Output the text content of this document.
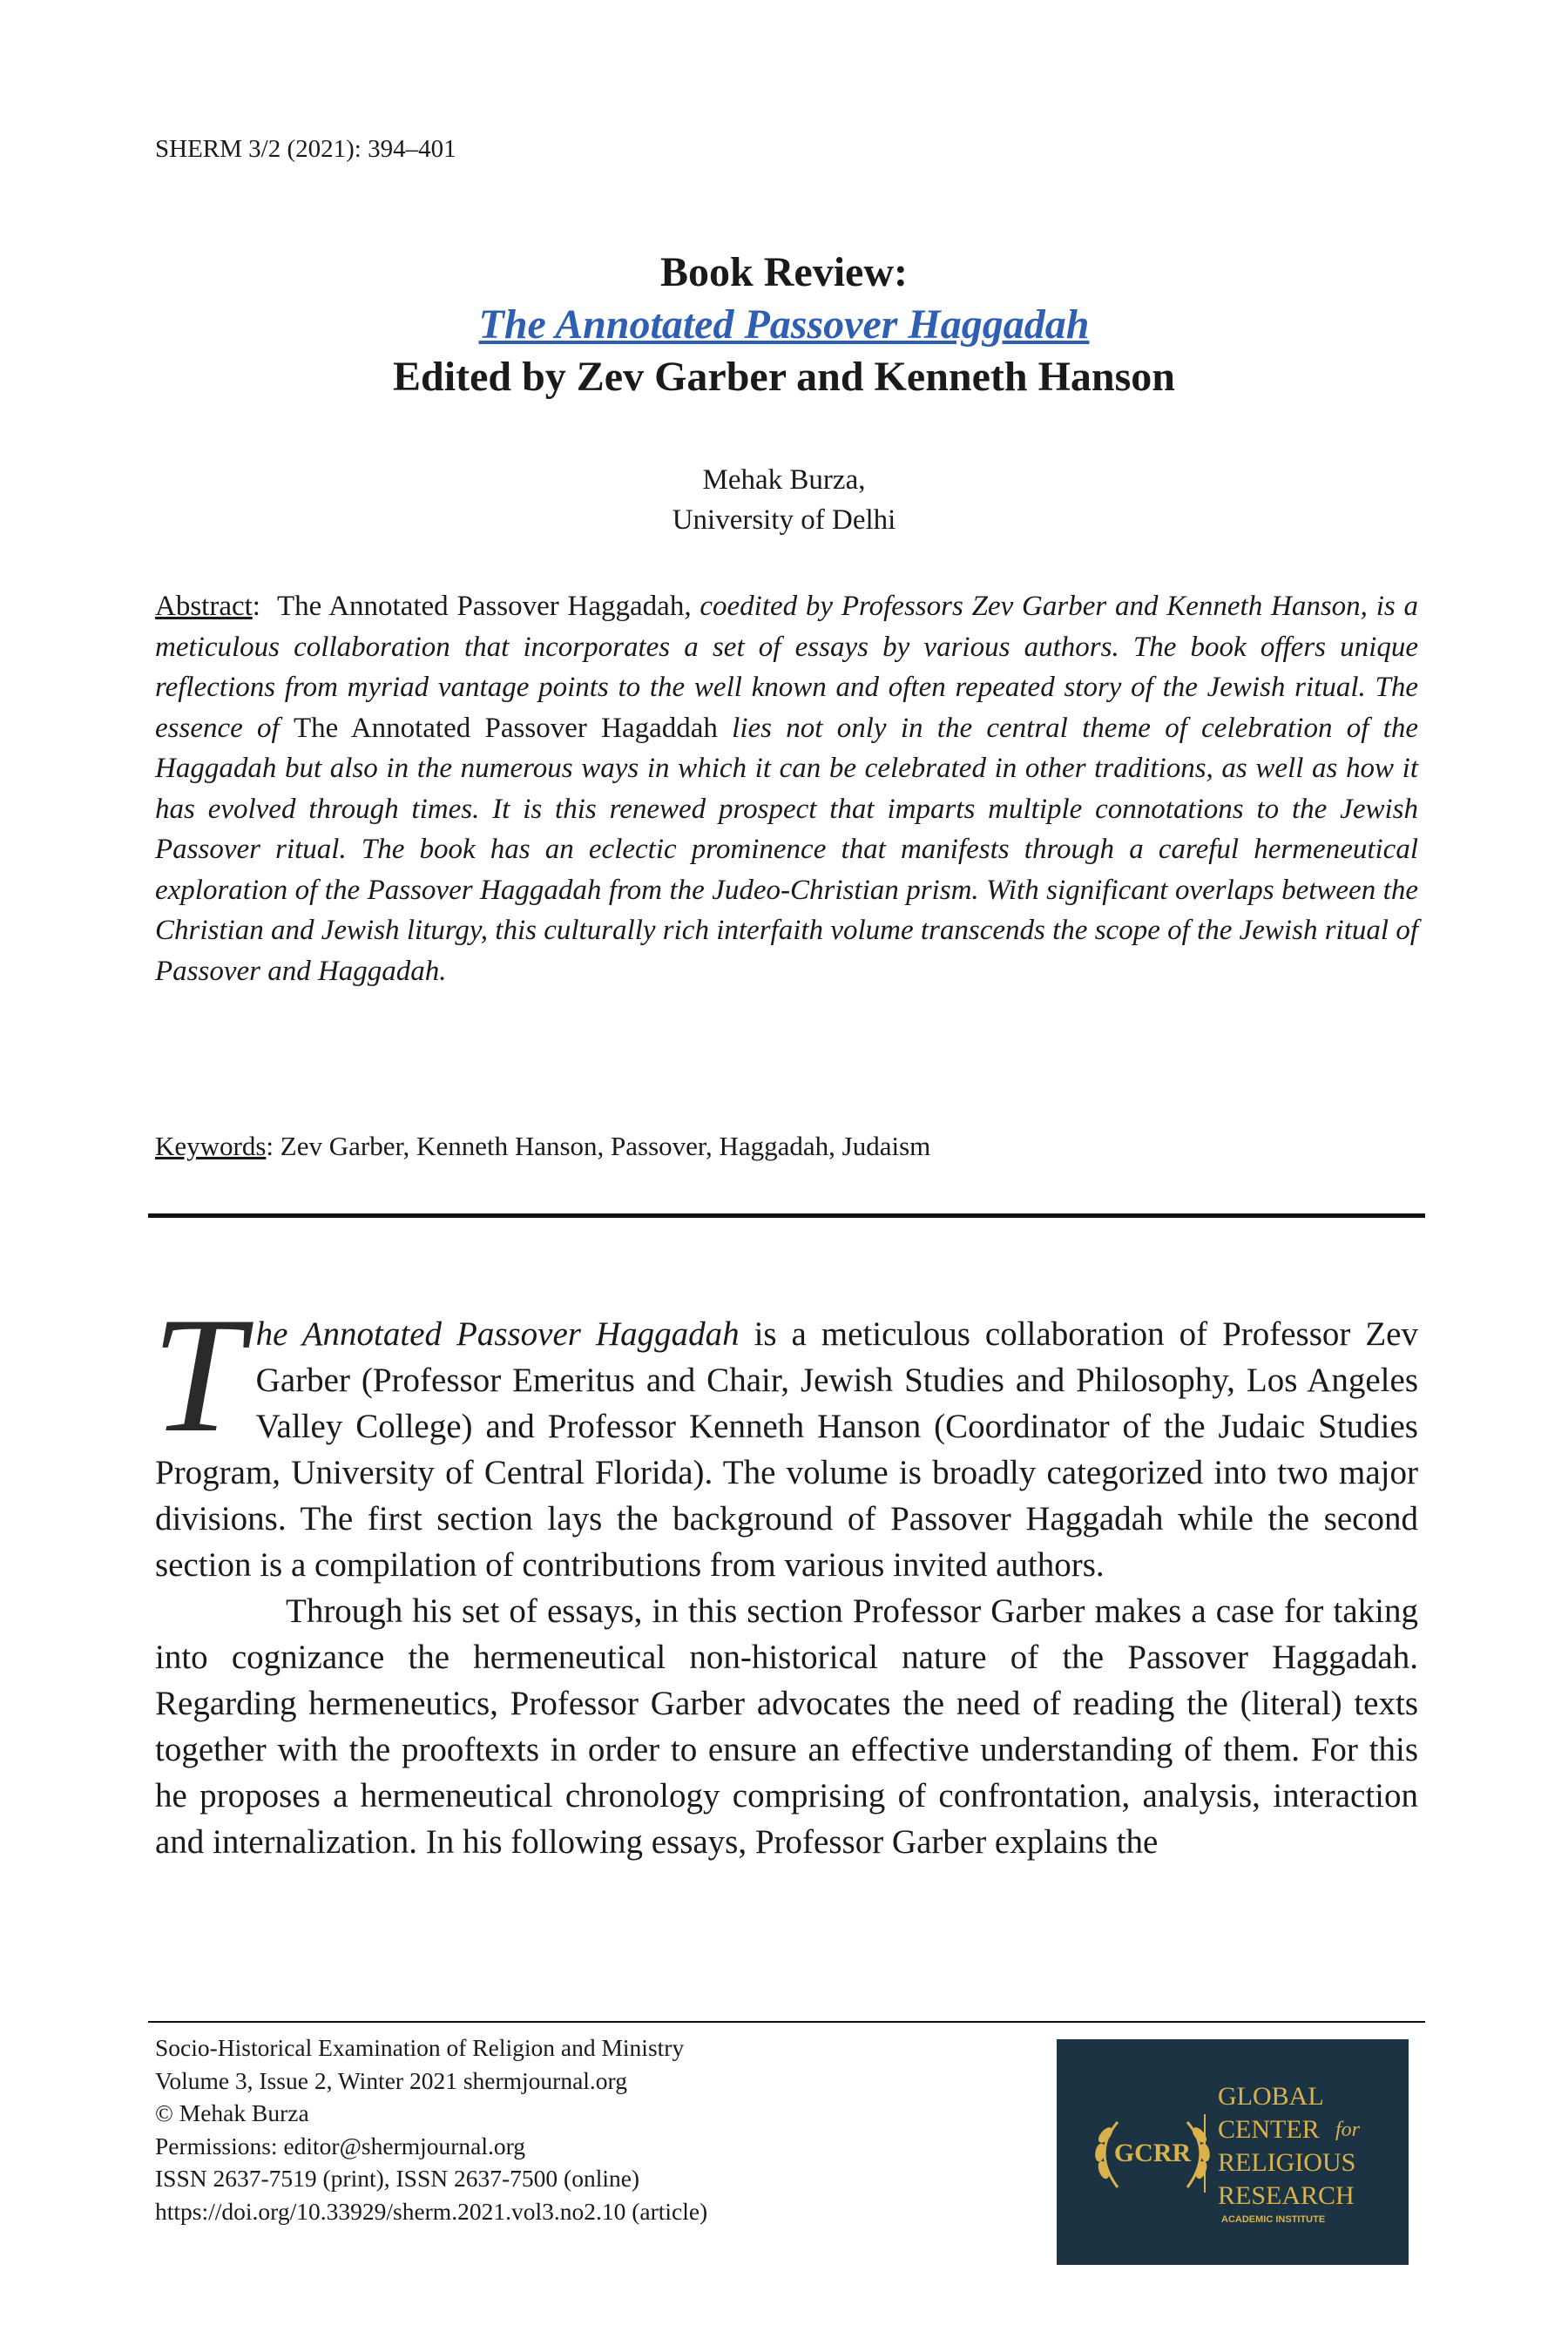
SHERM 3/2 (2021): 394–401
Book Review:
The Annotated Passover Haggadah
Edited by Zev Garber and Kenneth Hanson
Mehak Burza,
University of Delhi
Abstract:  The Annotated Passover Haggadah, coedited by Professors Zev Garber and Kenneth Hanson, is a meticulous collaboration that incorporates a set of essays by various authors. The book offers unique reflections from myriad vantage points to the well known and often repeated story of the Jewish ritual. The essence of The Annotated Passover Hagaddah lies not only in the central theme of celebration of the Haggadah but also in the numerous ways in which it can be celebrated in other traditions, as well as how it has evolved through times. It is this renewed prospect that imparts multiple connotations to the Jewish Passover ritual. The book has an eclectic prominence that manifests through a careful hermeneutical exploration of the Passover Haggadah from the Judeo-Christian prism. With significant overlaps between the Christian and Jewish liturgy, this culturally rich interfaith volume transcends the scope of the Jewish ritual of Passover and Haggadah.
Keywords: Zev Garber, Kenneth Hanson, Passover, Haggadah, Judaism

The Annotated Passover Haggadah is a meticulous collaboration of Professor Zev Garber (Professor Emeritus and Chair, Jewish Studies and Philosophy, Los Angeles Valley College) and Professor Kenneth Hanson (Coordinator of the Judaic Studies Program, University of Central Florida). The volume is broadly categorized into two major divisions. The first section lays the background of Passover Haggadah while the second section is a compilation of contributions from various invited authors.

Through his set of essays, in this section Professor Garber makes a case for taking into cognizance the hermeneutical non-historical nature of the Passover Haggadah. Regarding hermeneutics, Professor Garber advocates the need of reading the (literal) texts together with the prooftexts in order to ensure an effective understanding of them. For this he proposes a hermeneutical chronology comprising of confrontation, analysis, interaction and internalization. In his following essays, Professor Garber explains the

Socio-Historical Examination of Religion and Ministry
Volume 3, Issue 2, Winter 2021 shermjournal.org
© Mehak Burza
Permissions: editor@shermjournal.org
ISSN 2637-7519 (print), ISSN 2637-7500 (online)
https://doi.org/10.33929/sherm.2021.vol3.no2.10 (article)
GCRR
GLOBAL
CENTER for
RELIGIOUS
RESEARCH
ACADEMIC INSTITUTE
